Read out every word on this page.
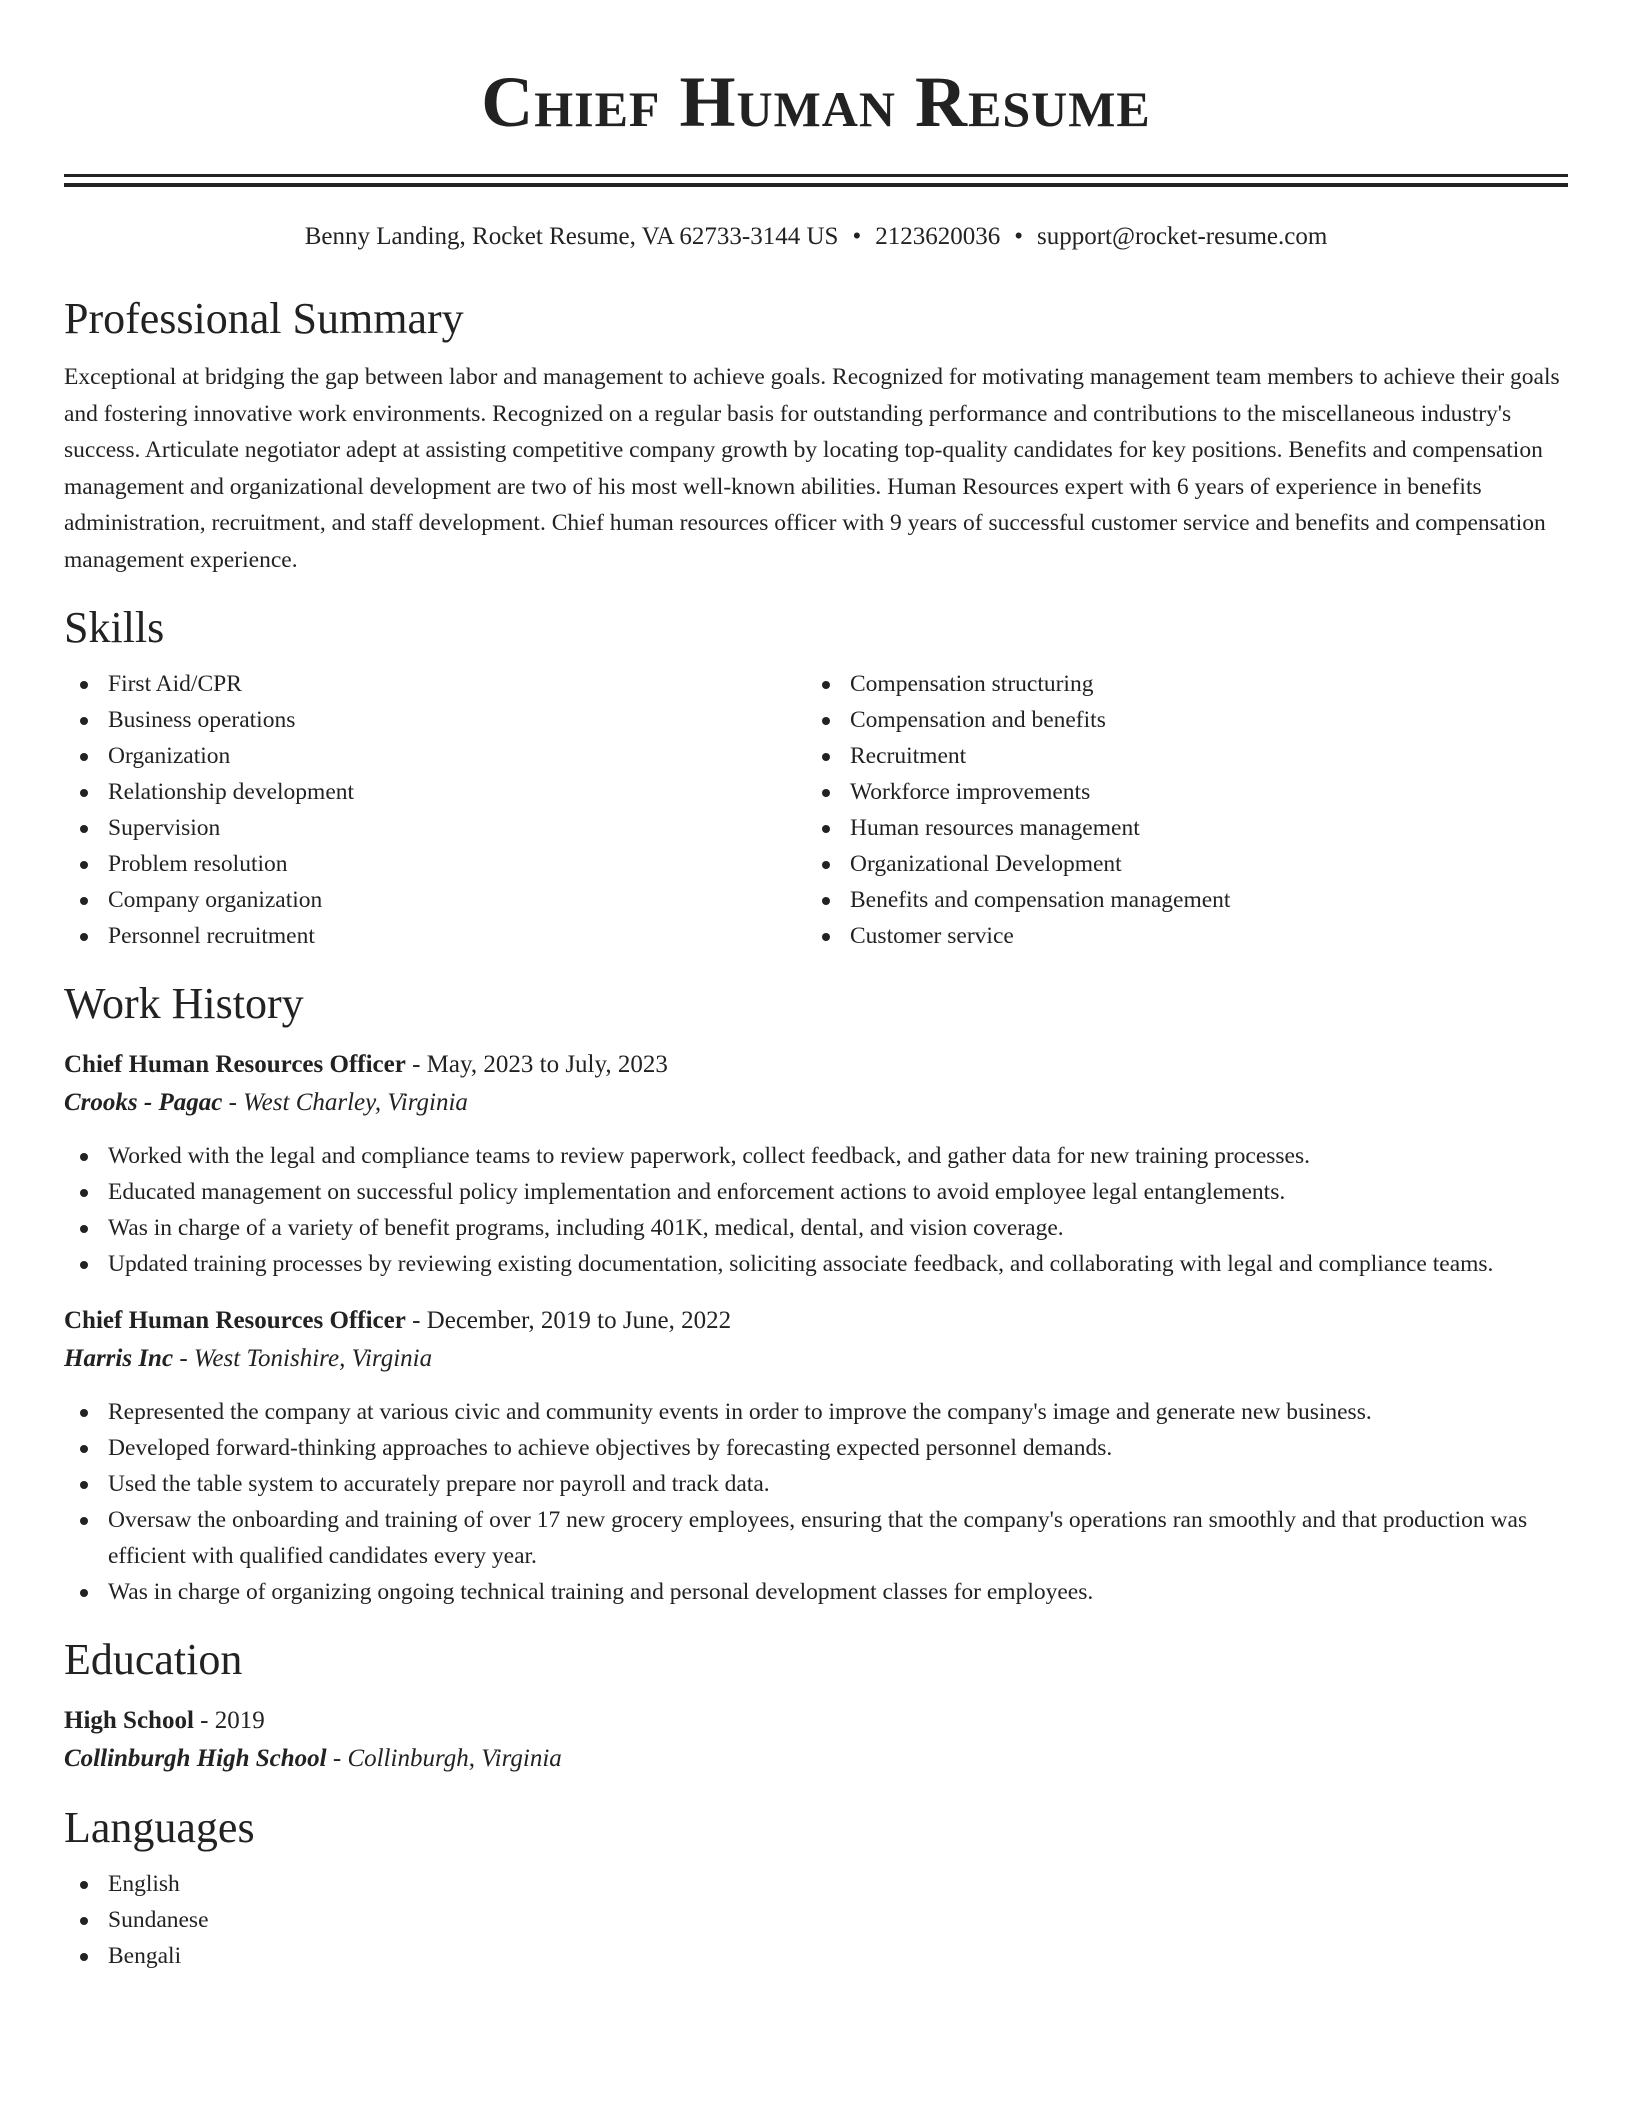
Chief Human Resume
Benny Landing, Rocket Resume, VA 62733-3144 US • 2123620036 • support@rocket-resume.com
Professional Summary
Exceptional at bridging the gap between labor and management to achieve goals. Recognized for motivating management team members to achieve their goals and fostering innovative work environments. Recognized on a regular basis for outstanding performance and contributions to the miscellaneous industry's success. Articulate negotiator adept at assisting competitive company growth by locating top-quality candidates for key positions. Benefits and compensation management and organizational development are two of his most well-known abilities. Human Resources expert with 6 years of experience in benefits administration, recruitment, and staff development. Chief human resources officer with 9 years of successful customer service and benefits and compensation management experience.
Skills
First Aid/CPR
Business operations
Organization
Relationship development
Supervision
Problem resolution
Company organization
Personnel recruitment
Compensation structuring
Compensation and benefits
Recruitment
Workforce improvements
Human resources management
Organizational Development
Benefits and compensation management
Customer service
Work History
Chief Human Resources Officer - May, 2023 to July, 2023
Crooks - Pagac - West Charley, Virginia
Worked with the legal and compliance teams to review paperwork, collect feedback, and gather data for new training processes.
Educated management on successful policy implementation and enforcement actions to avoid employee legal entanglements.
Was in charge of a variety of benefit programs, including 401K, medical, dental, and vision coverage.
Updated training processes by reviewing existing documentation, soliciting associate feedback, and collaborating with legal and compliance teams.
Chief Human Resources Officer - December, 2019 to June, 2022
Harris Inc - West Tonishire, Virginia
Represented the company at various civic and community events in order to improve the company's image and generate new business.
Developed forward-thinking approaches to achieve objectives by forecasting expected personnel demands.
Used the table system to accurately prepare nor payroll and track data.
Oversaw the onboarding and training of over 17 new grocery employees, ensuring that the company's operations ran smoothly and that production was efficient with qualified candidates every year.
Was in charge of organizing ongoing technical training and personal development classes for employees.
Education
High School - 2019
Collinburgh High School - Collinburgh, Virginia
Languages
English
Sundanese
Bengali
